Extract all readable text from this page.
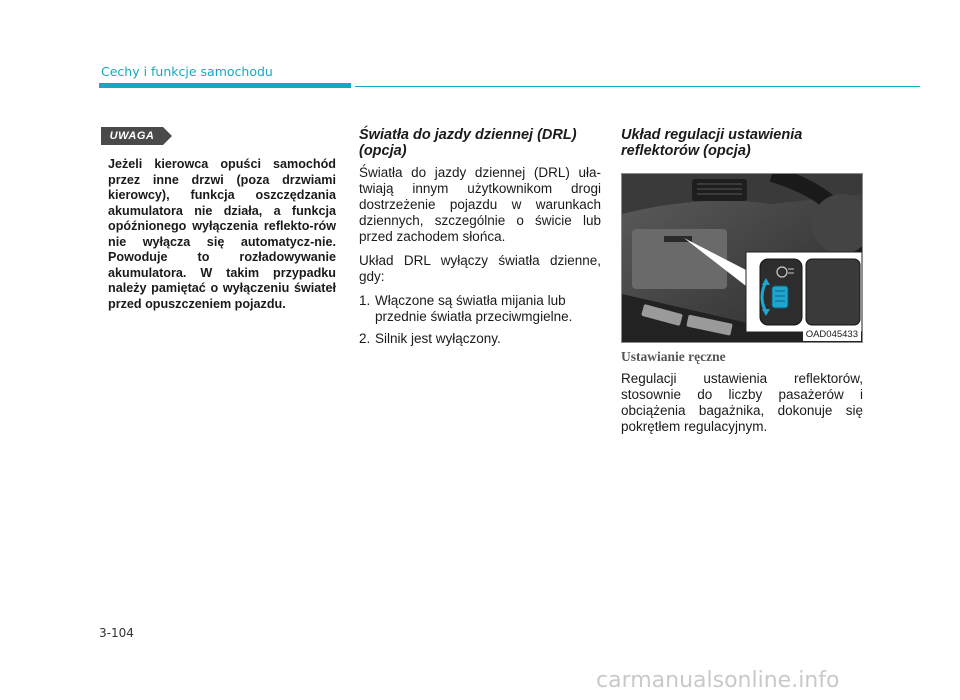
Cechy i funkcje samochodu
UWAGA
Jeżeli kierowca opuści samochód przez inne drzwi (poza drzwiami kierowcy), funkcja oszczędzania akumulatora nie działa, a funkcja opóźnionego wyłączenia reflekto-rów nie wyłącza się automatycz-nie. Powoduje to rozładowywanie akumulatora. W takim przypadku należy pamiętać o wyłączeniu świateł przed opuszczeniem pojazdu.
Światła do jazdy dziennej (DRL) (opcja)

Światła do jazdy dziennej (DRL) uła-twiają innym użytkownikom drogi dostrzeżenie pojazdu w warunkach dziennych, szczególnie o świcie lub przed zachodem słońca.

Układ DRL wyłączy światła dzienne, gdy:

1. Włączone są światła mijania lub przednie światła przeciwmgielne.
2. Silnik jest wyłączony.
Układ regulacji ustawienia reflektorów (opcja)
OAD045433
Ustawianie ręczne

Regulacji ustawienia reflektorów, stosownie do liczby pasażerów i obciążenia bagażnika, dokonuje się pokrętłem regulacyjnym.

3-104
carmanualsonline.info
